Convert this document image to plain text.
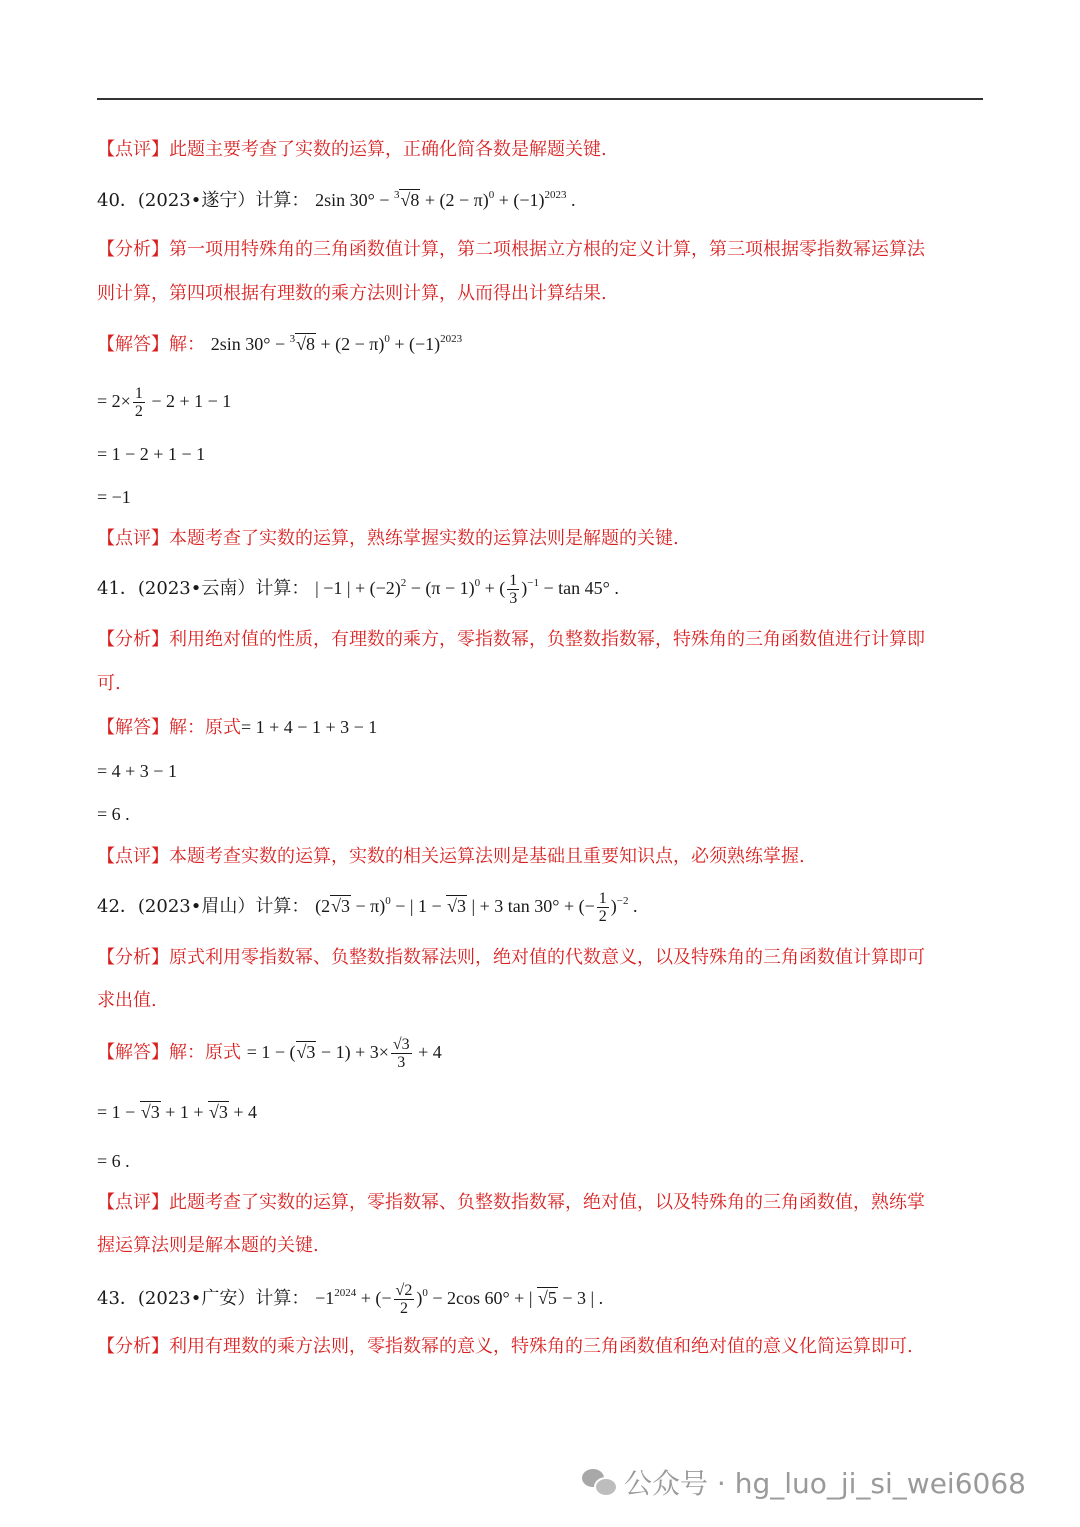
【点评】此题主要考查了实数的运算，正确化简各数是解题关键.
40．(2023•遂宁）计算： 2sin $30^\circ - ^3√8 + (2 - \pi)^0 + (-1)^{2023}$ .
【分析】第一项用特殊角的三角函数值计算，第二项根据立方根的定义计算，第三项根据零指数幂运算法
则计算，第四项根据有理数的乘方法则计算，从而得出计算结果.
【解答】解： 2sin $30^\circ - ^3√8 + (2 - \pi)^0 + (-1)^{2023}$
= $2\times \frac{1}{2} - 2 + 1 - 1$
= 1 − 2 + 1 − 1
= −1
【点评】本题考查了实数的运算，熟练掌握实数的运算法则是解题的关键.
41．(2023•云南）计算： | −1 | + $(-2)^2 - (\pi - 1)^0$ + ( $\frac{1}{3} )^{-1} - \tan 45^\circ$ .
【分析】利用绝对值的性质，有理数的乘方，零指数幂，负整数指数幂，特殊角的三角函数值进行计算即
可.
【解答】解：原式= 1 + 4 − 1 + 3 − 1
= 4 + 3 − 1
= 6 .
【点评】本题考查实数的运算，实数的相关运算法则是基础且重要知识点，必须熟练掌握.
42．(2023•眉山）计算： $(2√3 - \pi)^0$ − | 1 − √3 | + 3 tan 30° + (− $\frac{1}{2} )^{-2}$ .
【分析】原式利用零指数幂、负整数指数幂法则，绝对值的代数意义，以及特殊角的三角函数值计算即可
求出值.
【解答】解：原式 = $1 - (√3 - 1) + 3\times \frac{√3}{3} + 4$
= 1 − √3 + 1 + √3 + 4
= 6 .
【点评】此题考查了实数的运算，零指数幂、负整数指数幂，绝对值，以及特殊角的三角函数值，熟练掌
握运算法则是解本题的关键.
43．(2023•广安）计算： $-1^{2024}$ + (− $\frac{√2}{2} )^0 - 2\cos$ 60° + | √5 − 3 | .
【分析】利用有理数的乘方法则，零指数幂的意义，特殊角的三角函数值和绝对值的意义化简运算即可.
公众号 · hg_luo_ji_si_wei6068
